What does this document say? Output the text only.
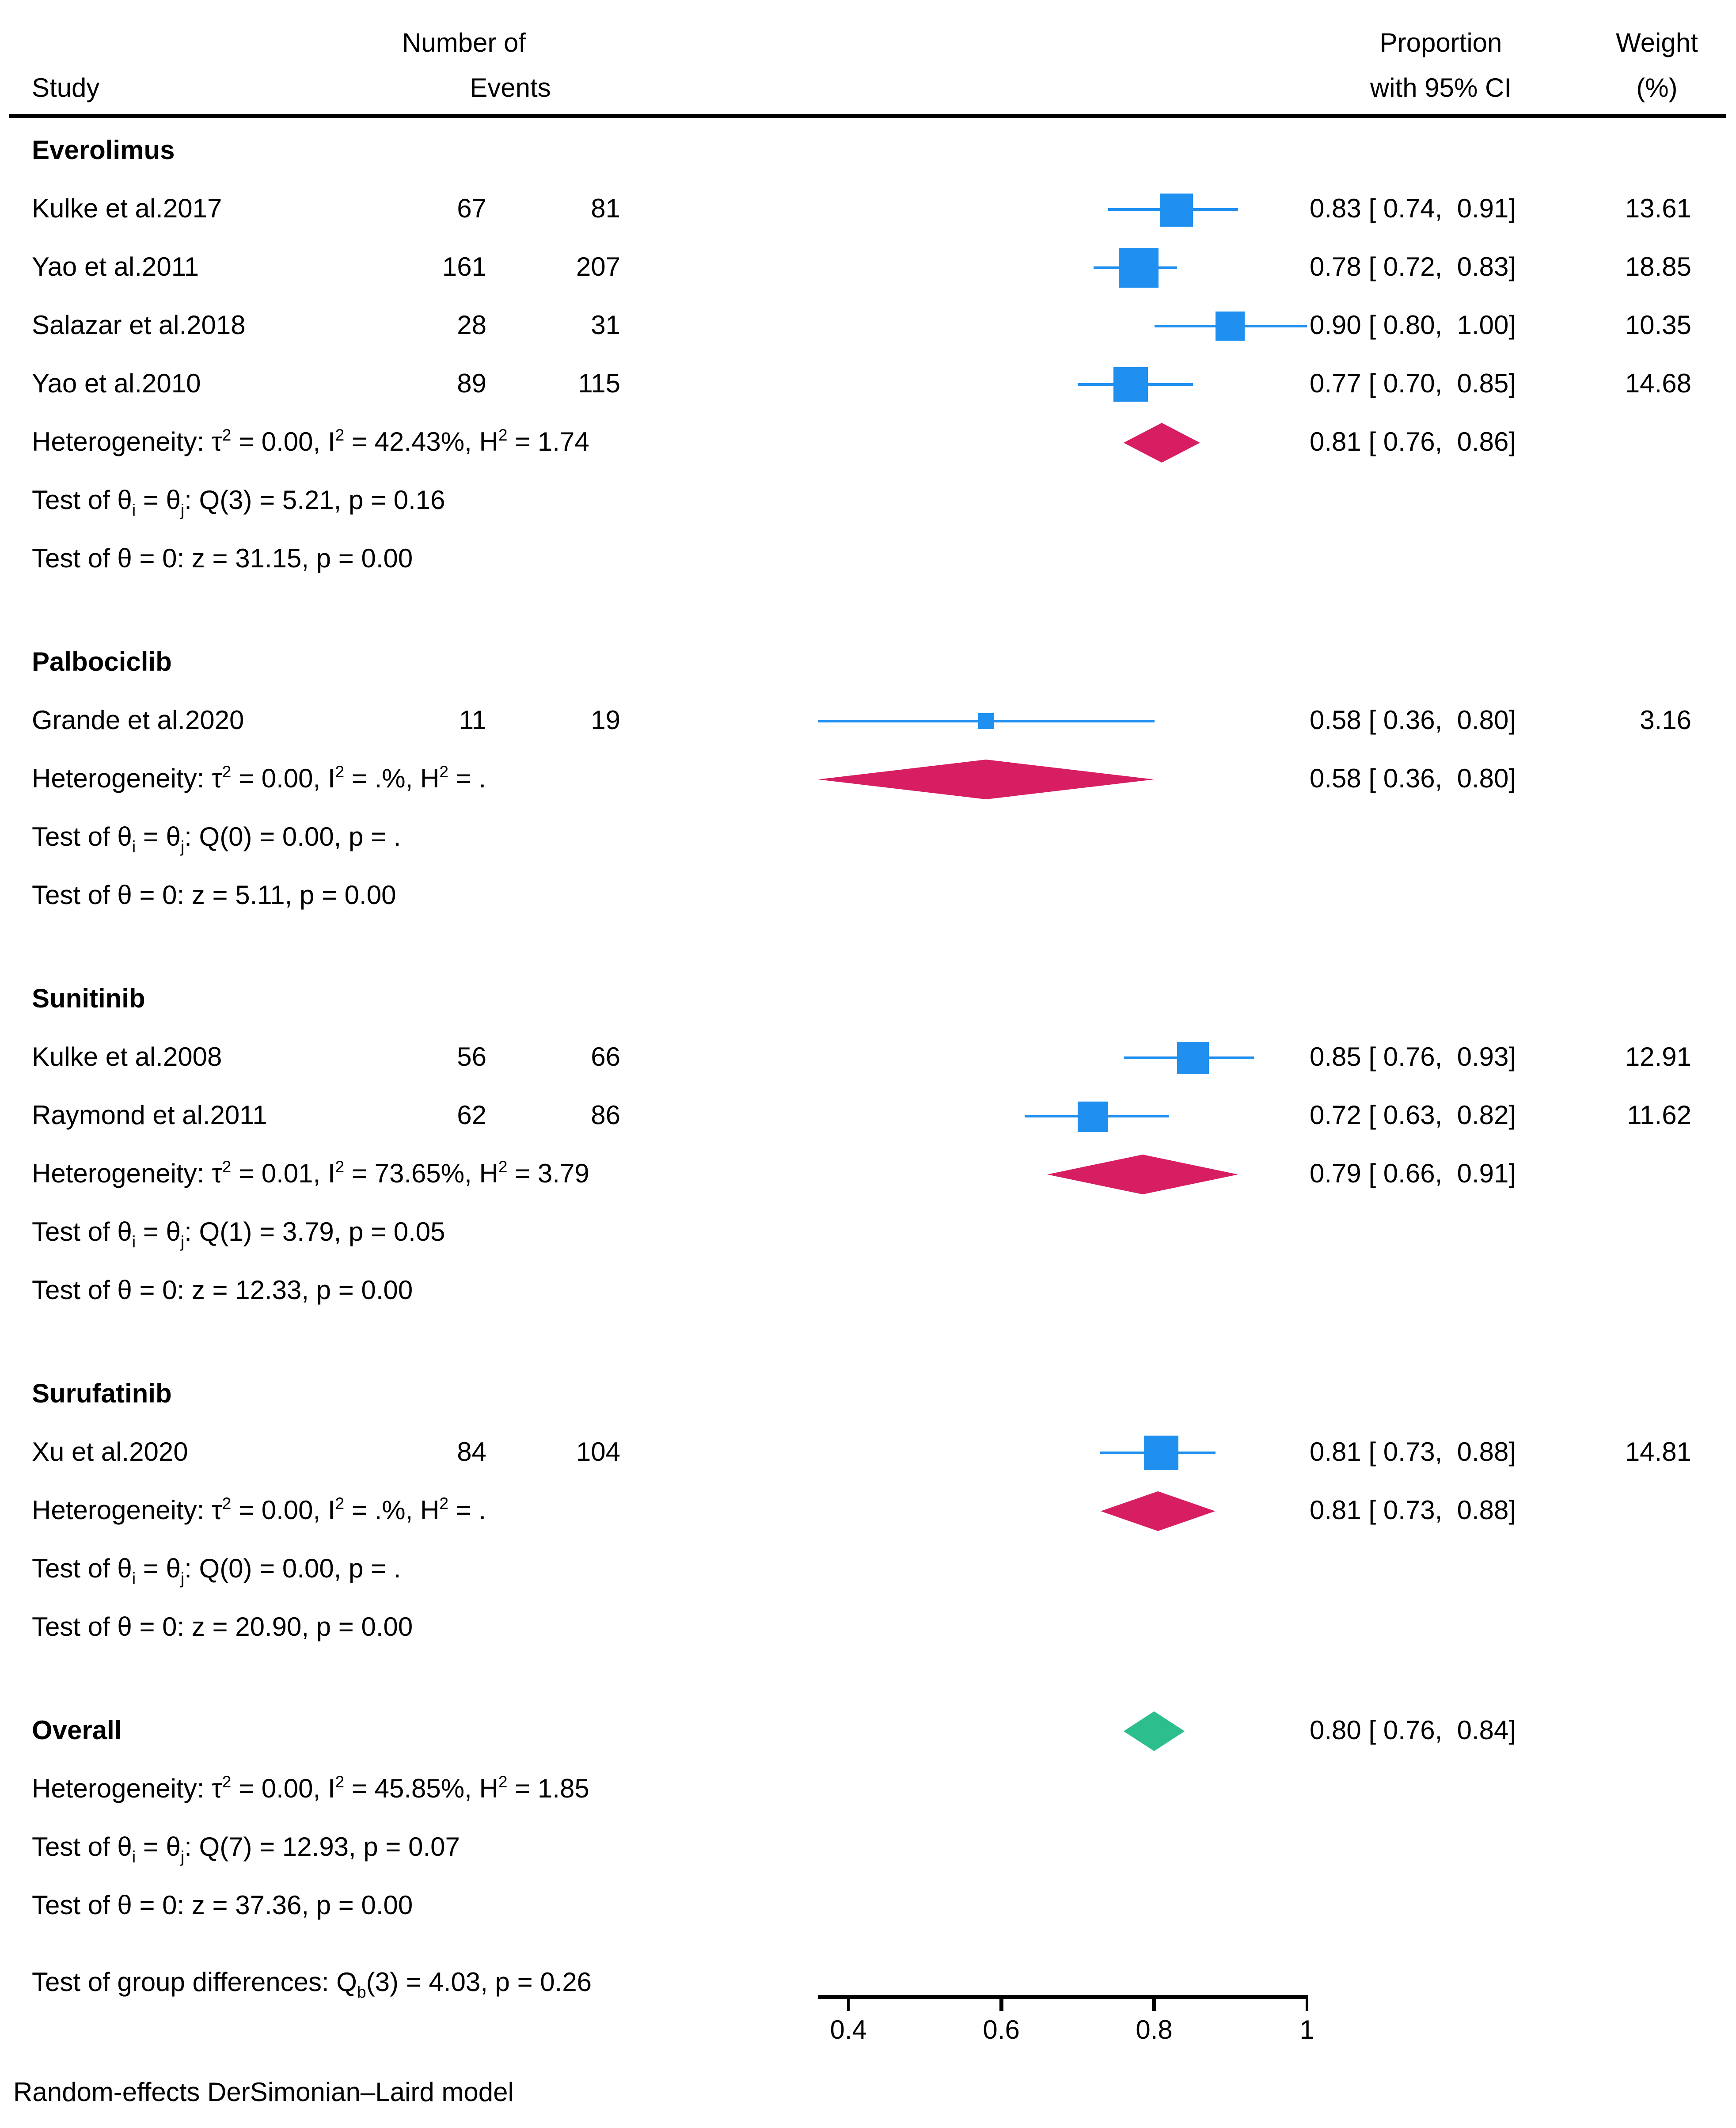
Number of	Proportion	Weight
Study	Events	with 95% CI	(%)
Everolimus
Kulke et al.2017	67	81	0.83 [ 0.74,  0.91]	13.61
Yao et al.2011	161	207	0.78 [ 0.72,  0.83]	18.85
Salazar et al.2018	28	31	0.90 [ 0.80,  1.00]	10.35
Yao et al.2010	89	115	0.77 [ 0.70,  0.85]	14.68
Heterogeneity: $\tau^2 = 0.00$, $I^2 = 42.43\%$, $H^2 = 1.74$	0.81 [ 0.76,  0.86]
Test of $\theta_i = \theta_j$: Q(3) = 5.21, p = 0.16
Test of θ = 0: z = 31.15, p = 0.00
Palbociclib
Grande et al.2020	11	19	0.58 [ 0.36,  0.80]	3.16
Heterogeneity: $\tau^2 = 0.00$, $I^2$ = .%, $H^2$ = .	0.58 [ 0.36,  0.80]
Test of $\theta_i = \theta_j$: Q(0) = 0.00, p = .
Test of θ = 0: z = 5.11, p = 0.00
Sunitinib
Kulke et al.2008	56	66	0.85 [ 0.76,  0.93]	12.91
Raymond et al.2011	62	86	0.72 [ 0.63,  0.82]	11.62
Heterogeneity: $\tau^2 = 0.01$, $I^2 = 73.65\%$, $H^2 = 3.79$	0.79 [ 0.66,  0.91]
Test of $\theta_i = \theta_j$: Q(1) = 3.79, p = 0.05
Test of θ = 0: z = 12.33, p = 0.00
Surufatinib
Xu et al.2020	84	104	0.81 [ 0.73,  0.88]	14.81
Heterogeneity: $\tau^2 = 0.00$, $I^2$ = .%, $H^2$ = .	0.81 [ 0.73,  0.88]
Test of $\theta_i = \theta_j$: Q(0) = 0.00, p = .
Test of θ = 0: z = 20.90, p = 0.00
Overall	0.80 [ 0.76,  0.84]
Heterogeneity: $\tau^2 = 0.00$, $I^2 = 45.85\%$, $H^2 = 1.85$
Test of $\theta_i = \theta_j$: Q(7) = 12.93, p = 0.07
Test of θ = 0: z = 37.36, p = 0.00
Test of group differences: $Q_b(3) = 4.03$, p = 0.26
0.4	0.6	0.8	1
Random-effects DerSimonian–Laird model
